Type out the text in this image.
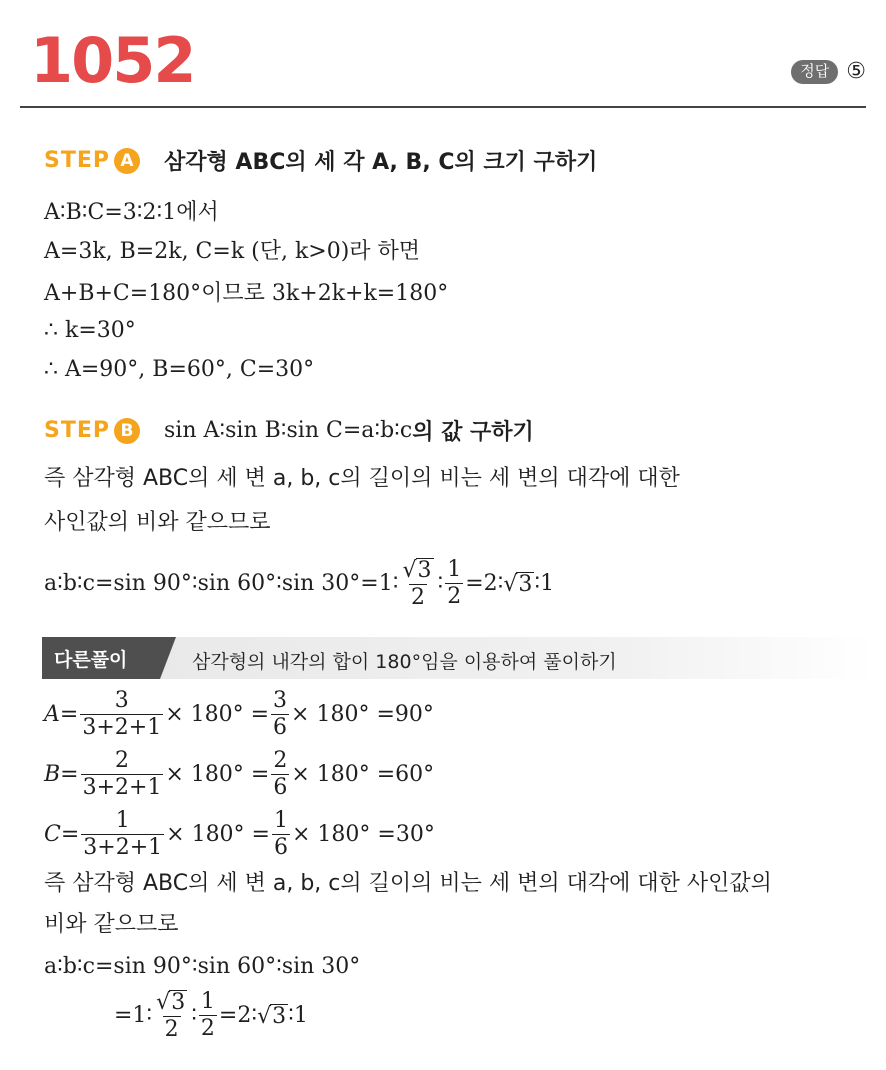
1052	정답 ⑤
STEP A 삼각형 ABC의 세 각 A, B, C의 크기 구하기
A∶B∶C=3∶2∶1에서
A=3k, B=2k, C=k (단, k>0)라 하면
A+B+C=180°이므로 3k+2k+k=180°
∴ k=30°
∴ A=90°, B=60°, C=30°
STEP B sin A∶sin B∶sin C=a∶b∶c 의 값 구하기
즉 삼각형 ABC의 세 변 a, b, c의 길이의 비는 세 변의 대각에 대한
사인값의 비와 같으므로
a∶b∶c=sin 90°∶sin 60°∶sin 30°=1∶ $\frac{√ 3}{2}$ ∶ $\frac{1}{2}$ =2∶ √ 3 ∶1
다른풀이	삼각형의 내각의 합이 180°임을 이용하여 풀이하기
$A = \frac{3}{3+2+1} \times 180^\circ = \frac{3}{6} \times 180^\circ =90^\circ$
$B = \frac{2}{3+2+1} \times 180^\circ = \frac{2}{6} \times 180^\circ =60^\circ$
$C = \frac{1}{3+2+1} \times 180^\circ = \frac{1}{6} \times 180^\circ =30^\circ$
즉 삼각형 ABC의 세 변 a, b, c의 길이의 비는 세 변의 대각에 대한 사인값의
비와 같으므로
a∶b∶c=sin 90°∶sin 60°∶sin 30°
=1∶ $\frac{√ 3}{2}$ ∶ $\frac{1}{2}$ =2∶ √ 3 ∶1
